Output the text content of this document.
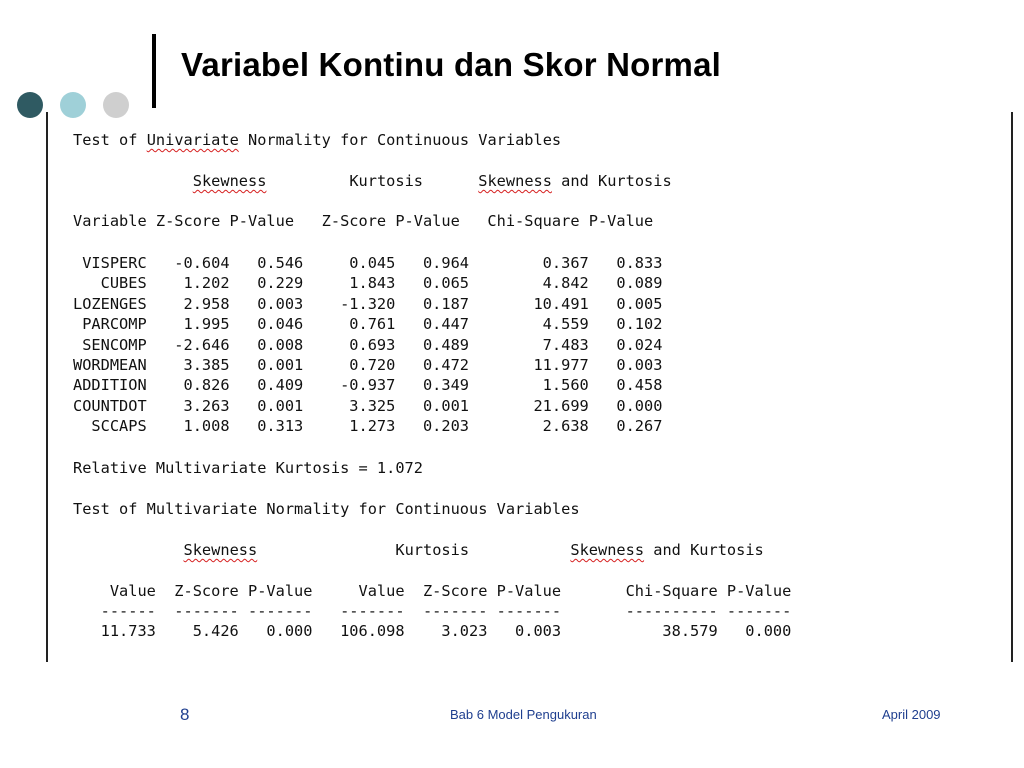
Variabel Kontinu dan Skor Normal
Test of Univariate Normality for Continuous Variables
Skewness	Kurtosis	Skewness and Kurtosis
Variable Z-Score P-Value   Z-Score P-Value   Chi-Square P-Value
VISPERC   -0.604   0.546     0.045   0.964        0.367   0.833
CUBES    1.202   0.229     1.843   0.065        4.842   0.089
LOZENGES    2.958   0.003    -1.320   0.187       10.491   0.005
PARCOMP    1.995   0.046     0.761   0.447        4.559   0.102
SENCOMP   -2.646   0.008     0.693   0.489        7.483   0.024
WORDMEAN    3.385   0.001     0.720   0.472       11.977   0.003
ADDITION    0.826   0.409    -0.937   0.349        1.560   0.458
COUNTDOT    3.263   0.001     3.325   0.001       21.699   0.000
SCCAPS    1.008   0.313     1.273   0.203        2.638   0.267
Relative Multivariate Kurtosis = 1.072
Test of Multivariate Normality for Continuous Variables
Skewness	Kurtosis	Skewness and Kurtosis
Value  Z-Score P-Value     Value  Z-Score P-Value       Chi-Square P-Value
------  ------- -------   -------  ------- -------       ---------- -------
11.733    5.426   0.000   106.098    3.023   0.003           38.579   0.000
8	Bab 6 Model Pengukuran	April 2009
